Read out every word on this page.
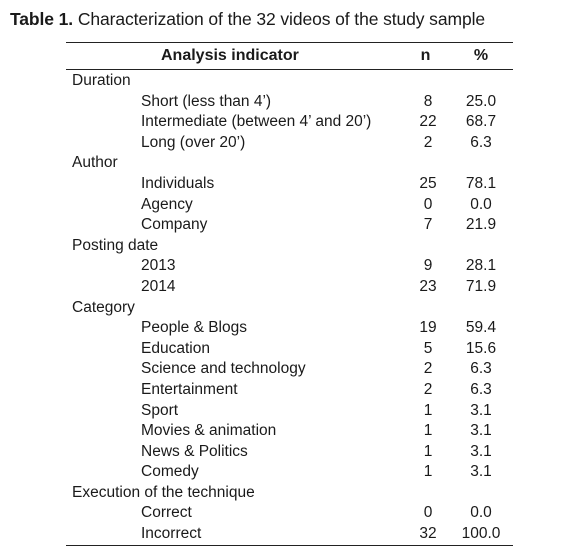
Table 1. Characterization of the 32 videos of the study sample
Analysis indicator	n	%
Duration
Short (less than 4’)	8	25.0
Intermediate (between 4’ and 20’)	22	68.7
Long (over 20’)	2	6.3
Author
Individuals	25	78.1
Agency	0	0.0
Company	7	21.9
Posting date
2013	9	28.1
2014	23	71.9
Category
People & Blogs	19	59.4
Education	5	15.6
Science and technology	2	6.3
Entertainment	2	6.3
Sport	1	3.1
Movies & animation	1	3.1
News & Politics	1	3.1
Comedy	1	3.1
Execution of the technique
Correct	0	0.0
Incorrect	32	100.0
